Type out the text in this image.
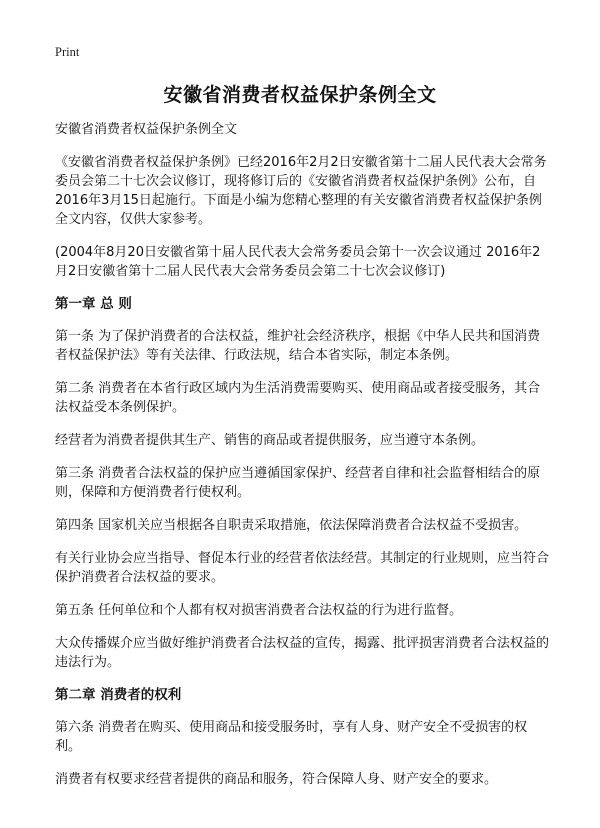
Print
安徽省消费者权益保护条例全文

安徽省消费者权益保护条例全文

《安徽省消费者权益保护条例》已经2016年2月2日安徽省第十二届人民代表大会常务委员会第二十七次会议修订，现将修订后的《安徽省消费者权益保护条例》公布，自2016年3月15日起施行。下面是小编为您精心整理的有关安徽省消费者权益保护条例全文内容，仅供大家参考。

(2004年8月20日安徽省第十届人民代表大会常务委员会第十一次会议通过 2016年2月2日安徽省第十二届人民代表大会常务委员会第二十七次会议修订)

第一章 总 则

第一条 为了保护消费者的合法权益，维护社会经济秩序，根据《中华人民共和国消费者权益保护法》等有关法律、行政法规，结合本省实际，制定本条例。

第二条 消费者在本省行政区域内为生活消费需要购买、使用商品或者接受服务，其合法权益受本条例保护。

经营者为消费者提供其生产、销售的商品或者提供服务，应当遵守本条例。

第三条 消费者合法权益的保护应当遵循国家保护、经营者自律和社会监督相结合的原则，保障和方便消费者行使权利。

第四条 国家机关应当根据各自职责采取措施，依法保障消费者合法权益不受损害。

有关行业协会应当指导、督促本行业的经营者依法经营。其制定的行业规则，应当符合保护消费者合法权益的要求。

第五条 任何单位和个人都有权对损害消费者合法权益的行为进行监督。

大众传播媒介应当做好维护消费者合法权益的宣传，揭露、批评损害消费者合法权益的违法行为。

第二章 消费者的权利

第六条 消费者在购买、使用商品和接受服务时，享有人身、财产安全不受损害的权利。

消费者有权要求经营者提供的商品和服务，符合保障人身、财产安全的要求。
